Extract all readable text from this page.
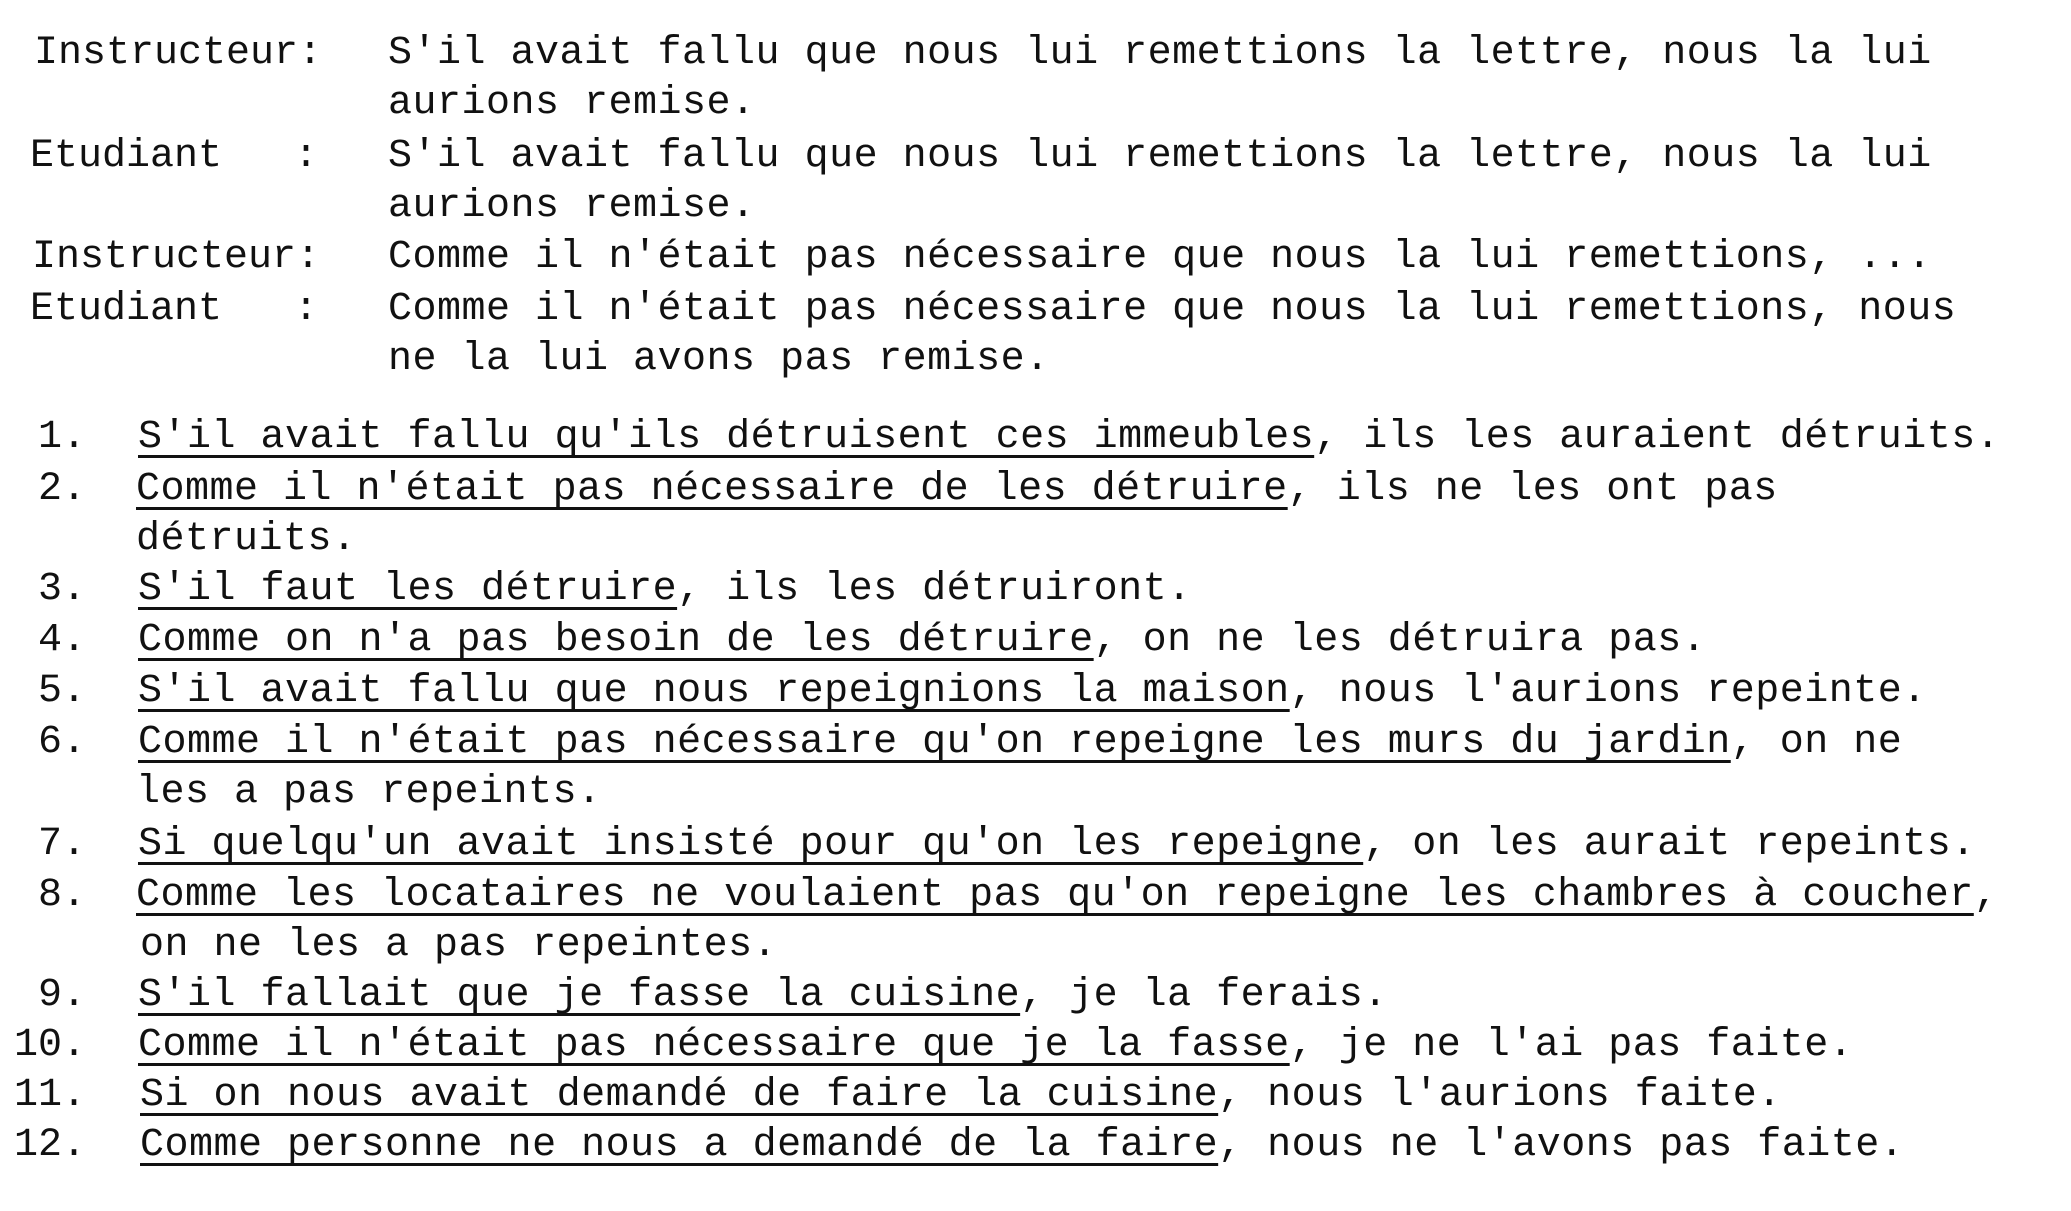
Instructeur: S'il avait fallu que nous lui remettions la lettre, nous la lui
aurions remise.
Etudiant   : S'il avait fallu que nous lui remettions la lettre, nous la lui
aurions remise.
Instructeur: Comme il n'était pas nécessaire que nous la lui remettions, ...
Etudiant   : Comme il n'était pas nécessaire que nous la lui remettions, nous
ne la lui avons pas remise.
1. S'il avait fallu qu'ils détruisent ces immeubles, ils les auraient détruits.
2. Comme il n'était pas nécessaire de les détruire, ils ne les ont pas
détruits.
3. S'il faut les détruire, ils les détruiront.
4. Comme on n'a pas besoin de les détruire, on ne les détruira pas.
5. S'il avait fallu que nous repeignions la maison, nous l'aurions repeinte.
6. Comme il n'était pas nécessaire qu'on repeigne les murs du jardin, on ne
les a pas repeints.
7. Si quelqu'un avait insisté pour qu'on les repeigne, on les aurait repeints.
8. Comme les locataires ne voulaient pas qu'on repeigne les chambres à coucher,
on ne les a pas repeintes.
9. S'il fallait que je fasse la cuisine, je la ferais.
10. Comme il n'était pas nécessaire que je la fasse, je ne l'ai pas faite.
11. Si on nous avait demandé de faire la cuisine, nous l'aurions faite.
12. Comme personne ne nous a demandé de la faire, nous ne l'avons pas faite.
